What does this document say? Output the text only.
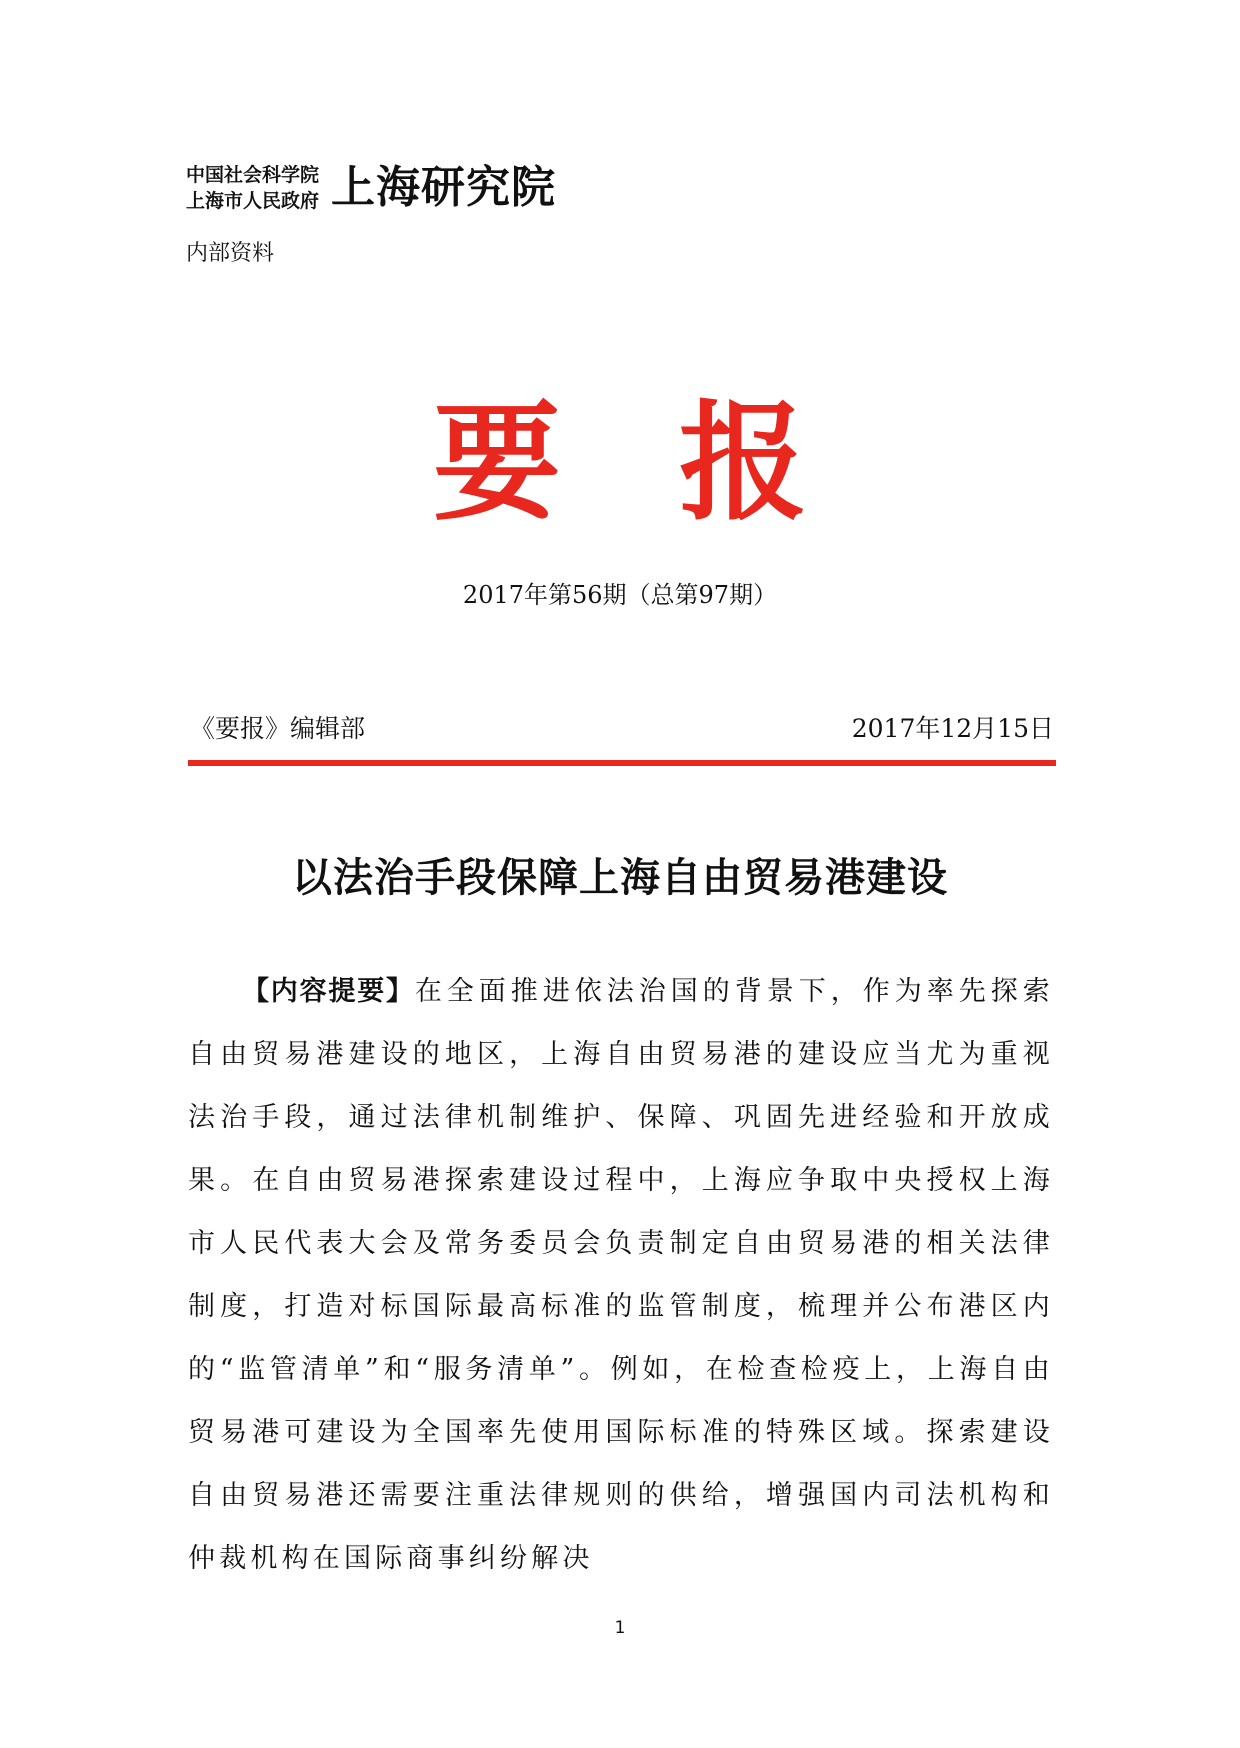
中国社会科学院
上海市人民政府 上海研究院
内部资料
要 报
2017年第56期（总第97期）
《要报》编辑部	2017年12月15日
以法治手段保障上海自由贸易港建设

【内容提要】在全面推进依法治国的背景下，作为率先探索自由贸易港建设的地区，上海自由贸易港的建设应当尤为重视法治手段，通过法律机制维护、保障、巩固先进经验和开放成果。在自由贸易港探索建设过程中，上海应争取中央授权上海市人民代表大会及常务委员会负责制定自由贸易港的相关法律制度，打造对标国际最高标准的监管制度，梳理并公布港区内的“监管清单”和“服务清单”。例如，在检查检疫上，上海自由贸易港可建设为全国率先使用国际标准的特殊区域。探索建设自由贸易港还需要注重法律规则的供给，增强国内司法机构和仲裁机构在国际商事纠纷解决

1
